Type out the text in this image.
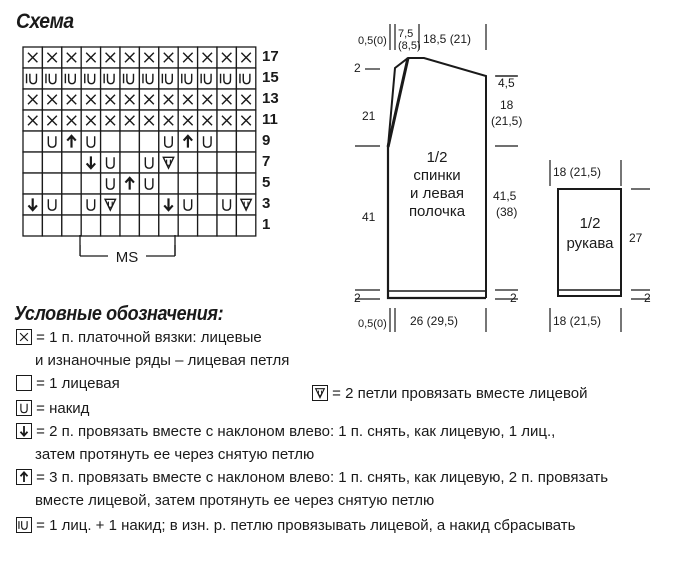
Схема
Условные обозначения:
MS
17
15
13
11
9
7
5
3
1
0,5(0)
7,5
(8,5) 18,5 (21)
2
4,5
21
18
(21,5)
1/2
спинки
и левая
полочка
41
41,5
(38)
2	2
0,5(0) 26 (29,5)
18 (21,5)
1/2
рукава 27
2
18 (21,5)
= 1 п. платочной вязки: лицевые
и изнаночные ряды – лицевая петля
= 1 лицевая
= 2 петли провязать вместе лицевой
= накид
= 2 п. провязать вместе с наклоном влево: 1 п. снять, как лицевую, 1 лиц.,
затем протянуть ее через снятую петлю
= 3 п. провязать вместе с наклоном влево: 1 п. снять, как лицевую, 2 п. провязать
вместе лицевой, затем протянуть ее через снятую петлю
= 1 лиц. + 1 накид; в изн. р. петлю провязывать лицевой, а накид сбрасывать
